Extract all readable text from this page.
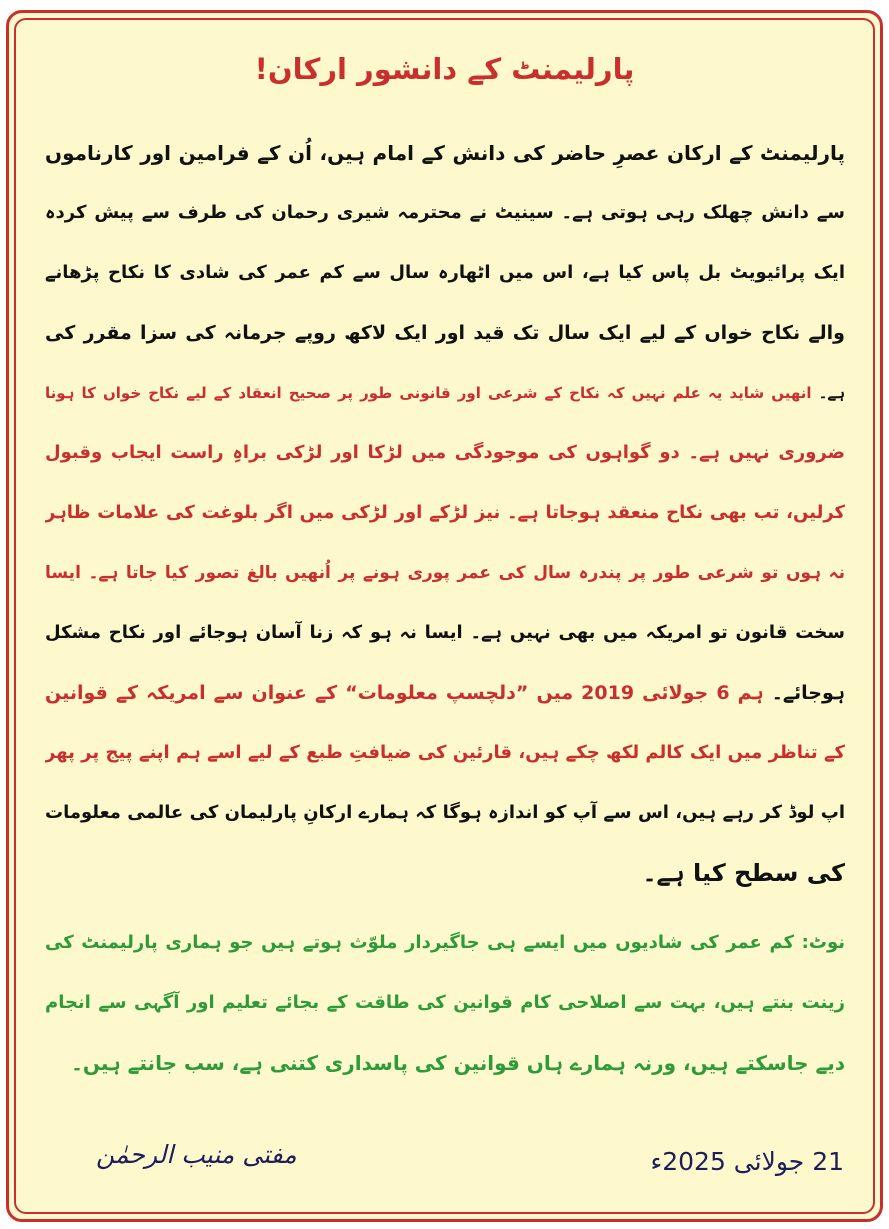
پارلیمنٹ کے دانشور ارکان!
پارلیمنٹ کے ارکان عصرِ حاضر کی دانش کے امام ہیں، اُن کے فرامین اور کارناموں
سے دانش چھلک رہی ہوتی ہے۔ سینیٹ نے محترمہ شیری رحمان کی طرف سے پیش کردہ
ایک پرائیویٹ بل پاس کیا ہے، اس میں اٹھارہ سال سے کم عمر کی شادی کا نکاح پڑھانے
والے نکاح خواں کے لیے ایک سال تک قید اور ایک لاکھ روپے جرمانہ کی سزا مقرر کی
ہے۔ انھیں شاید یہ علم نہیں کہ نکاح کے شرعی اور قانونی طور پر صحیح انعقاد کے لیے نکاح خواں کا ہونا
ضروری نہیں ہے۔ دو گواہوں کی موجودگی میں لڑکا اور لڑکی براہِ راست ایجاب وقبول
کرلیں، تب بھی نکاح منعقد ہوجاتا ہے۔ نیز لڑکے اور لڑکی میں اگر بلوغت کی علامات ظاہر
نہ ہوں تو شرعی طور پر پندرہ سال کی عمر پوری ہونے پر اُنھیں بالغ تصور کیا جاتا ہے۔ ایسا
سخت قانون تو امریکہ میں بھی نہیں ہے۔ ایسا نہ ہو کہ زنا آسان ہوجائے اور نکاح مشکل
ہوجائے۔ ہم 6 جولائی 2019 میں ”دلچسپ معلومات“ کے عنوان سے امریکہ کے قوانین
کے تناظر میں ایک کالم لکھ چکے ہیں، قارئین کی ضیافتِ طبع کے لیے اسے ہم اپنے پیج پر پھر
اپ لوڈ کر رہے ہیں، اس سے آپ کو اندازہ ہوگا کہ ہمارے ارکانِ پارلیمان کی عالمی معلومات
کی سطح کیا ہے۔
نوٹ: کم عمر کی شادیوں میں ایسے ہی جاگیردار ملوّث ہوتے ہیں جو ہماری پارلیمنٹ کی
زینت بنتے ہیں، بہت سے اصلاحی کام قوانین کی طاقت کے بجائے تعلیم اور آگہی سے انجام
دیے جاسکتے ہیں، ورنہ ہمارے ہاں قوانین کی پاسداری کتنی ہے، سب جانتے ہیں۔
21 جولائی 2025ء
مفتی منیب الرحمٰن
